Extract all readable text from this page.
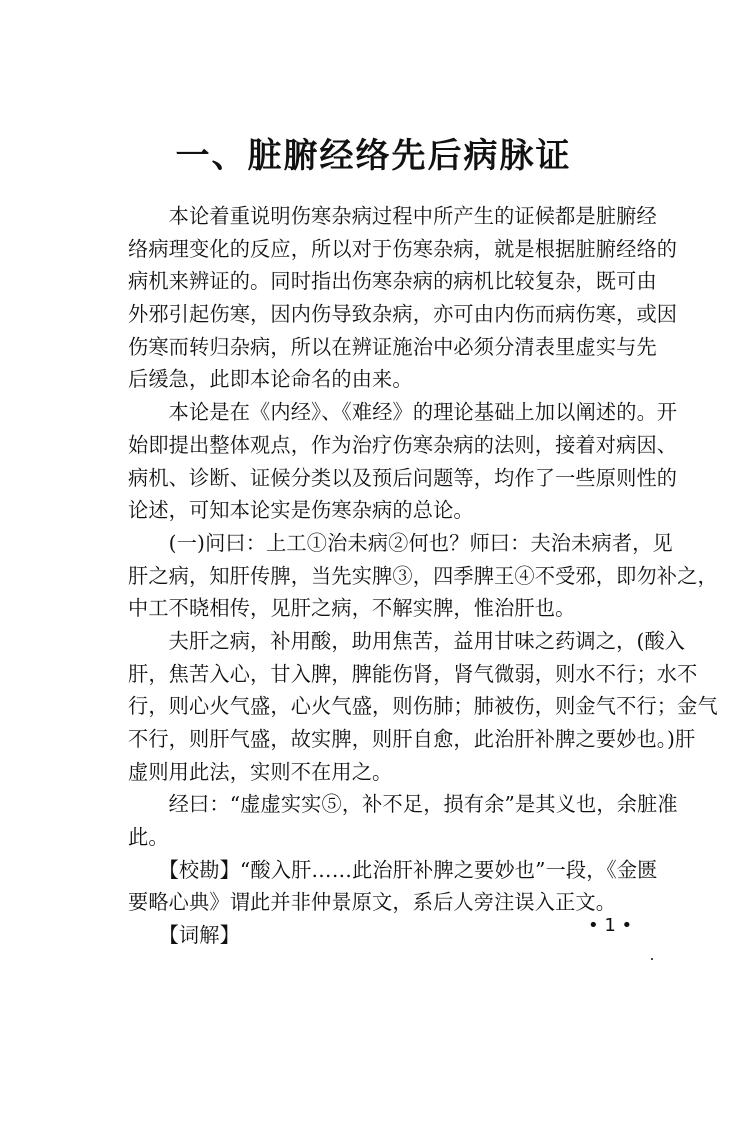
一、脏腑经络先后病脉证
　　本论着重说明伤寒杂病过程中所产生的证候都是脏腑经
络病理变化的反应，所以对于伤寒杂病，就是根据脏腑经络的
病机来辨证的。同时指出伤寒杂病的病机比较复杂，既可由
外邪引起伤寒，因内伤导致杂病，亦可由内伤而病伤寒，或因
伤寒而转归杂病，所以在辨证施治中必须分清表里虚实与先
后缓急，此即本论命名的由来。
　　本论是在《内经》、《难经》的理论基础上加以阐述的。开
始即提出整体观点，作为治疗伤寒杂病的法则，接着对病因、
病机、诊断、证候分类以及预后问题等，均作了一些原则性的
论述，可知本论实是伤寒杂病的总论。
　　(一)问曰：上工①治未病②何也？师曰：夫治未病者，见
肝之病，知肝传脾，当先实脾③，四季脾王④不受邪，即勿补之，
中工不晓相传，见肝之病，不解实脾，惟治肝也。
　　夫肝之病，补用酸，助用焦苦，益用甘味之药调之，(酸入
肝，焦苦入心，甘入脾，脾能伤肾，肾气微弱，则水不行；水不
行，则心火气盛，心火气盛，则伤肺；肺被伤，则金气不行；金气
不行，则肝气盛，故实脾，则肝自愈，此治肝补脾之要妙也。)肝
虚则用此法，实则不在用之。
　　经曰：“虚虚实实⑤，补不足，损有余”是其义也，余脏准
此。
　　【校勘】“酸入肝……此治肝补脾之要妙也”一段，《金匮
要略心典》谓此并非仲景原文，系后人旁注误入正文。
　　【词解】	• 1 •
